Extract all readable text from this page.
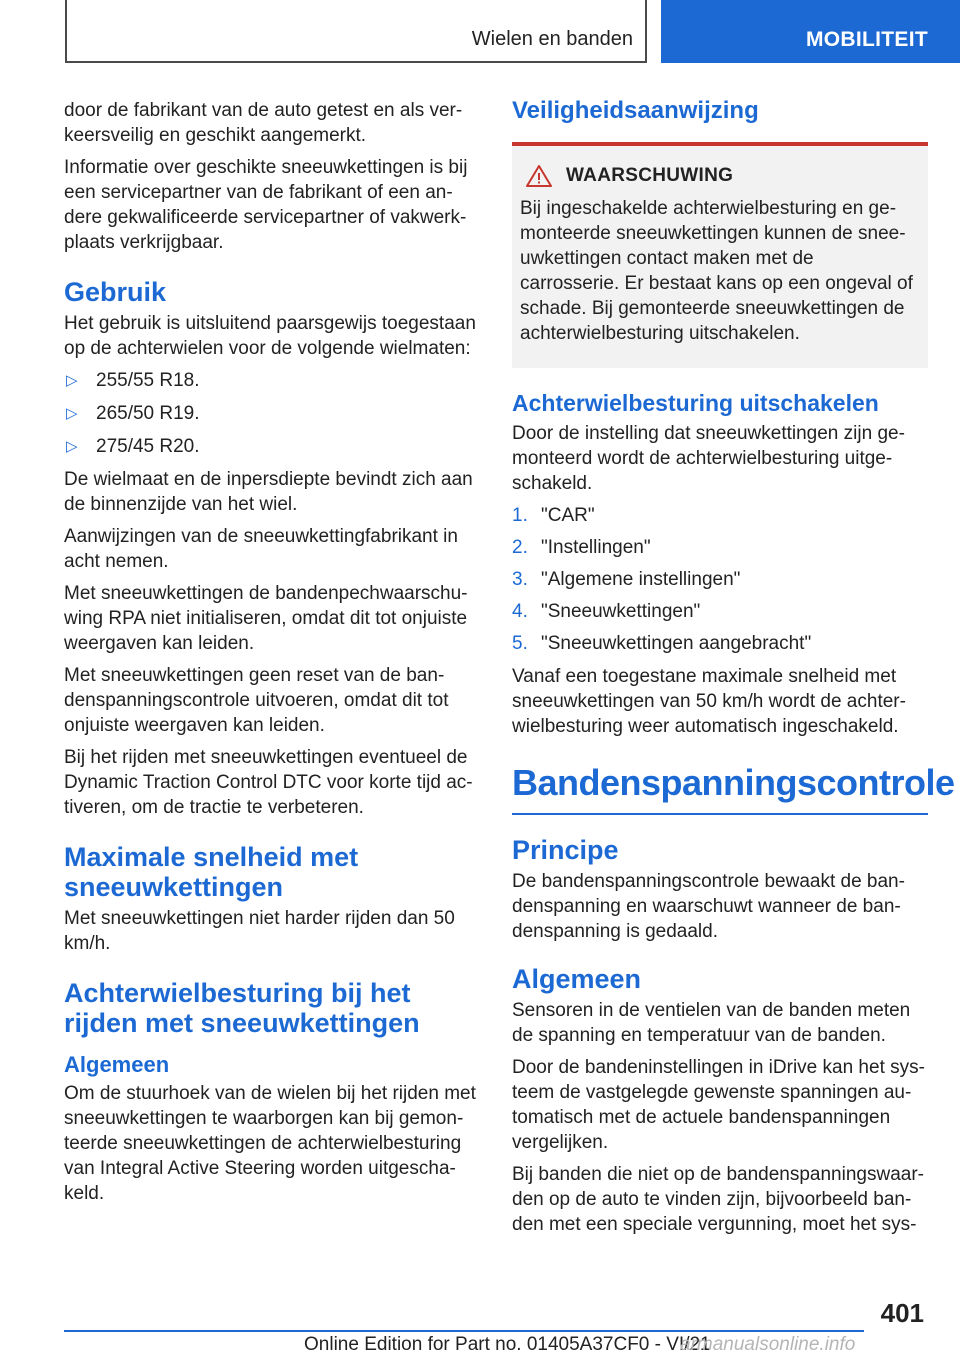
Wielen en banden	MOBILITEIT

door de fabrikant van de auto getest en als verkeersveilig en geschikt aangemerkt.

Informatie over geschikte sneeuwkettingen is bij een servicepartner van de fabrikant of een andere gekwalificeerde servicepartner of vakwerkplaats verkrijgbaar.

Gebruik

Het gebruik is uitsluitend paarsgewijs toegestaan op de achterwielen voor de volgende wielmaten:

▷ 255/55 R18.
▷ 265/50 R19.
▷ 275/45 R20.

De wielmaat en de inpersdiepte bevindt zich aan de binnenzijde van het wiel.

Aanwijzingen van de sneeuwkettingfabrikant in acht nemen.

Met sneeuwkettingen de bandenpechwaarschuwing RPA niet initialiseren, omdat dit tot onjuiste weergaven kan leiden.

Met sneeuwkettingen geen reset van de bandenspanningscontrole uitvoeren, omdat dit tot onjuiste weergaven kan leiden.

Bij het rijden met sneeuwkettingen eventueel de Dynamic Traction Control DTC voor korte tijd activeren, om de tractie te verbeteren.

Maximale snelheid met sneeuwkettingen

Met sneeuwkettingen niet harder rijden dan 50 km/h.

Achterwielbesturing bij het rijden met sneeuwkettingen
Algemeen

Om de stuurhoek van de wielen bij het rijden met sneeuwkettingen te waarborgen kan bij gemonteerde sneeuwkettingen de achterwielbesturing van Integral Active Steering worden uitgeschakeld.

Veiligheidsaanwijzing
WAARSCHUWING

Bij ingeschakelde achterwielbesturing en gemonteerde sneeuwkettingen kunnen de sneeuwkettingen contact maken met de carrosserie. Er bestaat kans op een ongeval of schade. Bij gemonteerde sneeuwkettingen de achterwielbesturing uitschakelen.

Achterwielbesturing uitschakelen

Door de instelling dat sneeuwkettingen zijn gemonteerd wordt de achterwielbesturing uitgeschakeld.

1. "CAR"
2. "Instellingen"
3. "Algemene instellingen"
4. "Sneeuwkettingen"
5. "Sneeuwkettingen aangebracht"

Vanaf een toegestane maximale snelheid met sneeuwkettingen van 50 km/h wordt de achterwielbesturing weer automatisch ingeschakeld.

Bandenspanningscontrole
Principe

De bandenspanningscontrole bewaakt de bandenspanning en waarschuwt wanneer de bandenspanning is gedaald.

Algemeen

Sensoren in de ventielen van de banden meten de spanning en temperatuur van de banden.

Door de bandeninstellingen in iDrive kan het systeem de vastgelegde gewenste spanningen automatisch met de actuele bandenspanningen vergelijken.

Bij banden die niet op de bandenspanningswaarden op de auto te vinden zijn, bijvoorbeeld banden met een speciale vergunning, moet het sys-

401
Online Edition for Part no. 01405A37CF0 - VI/21
armanualsonline.info
